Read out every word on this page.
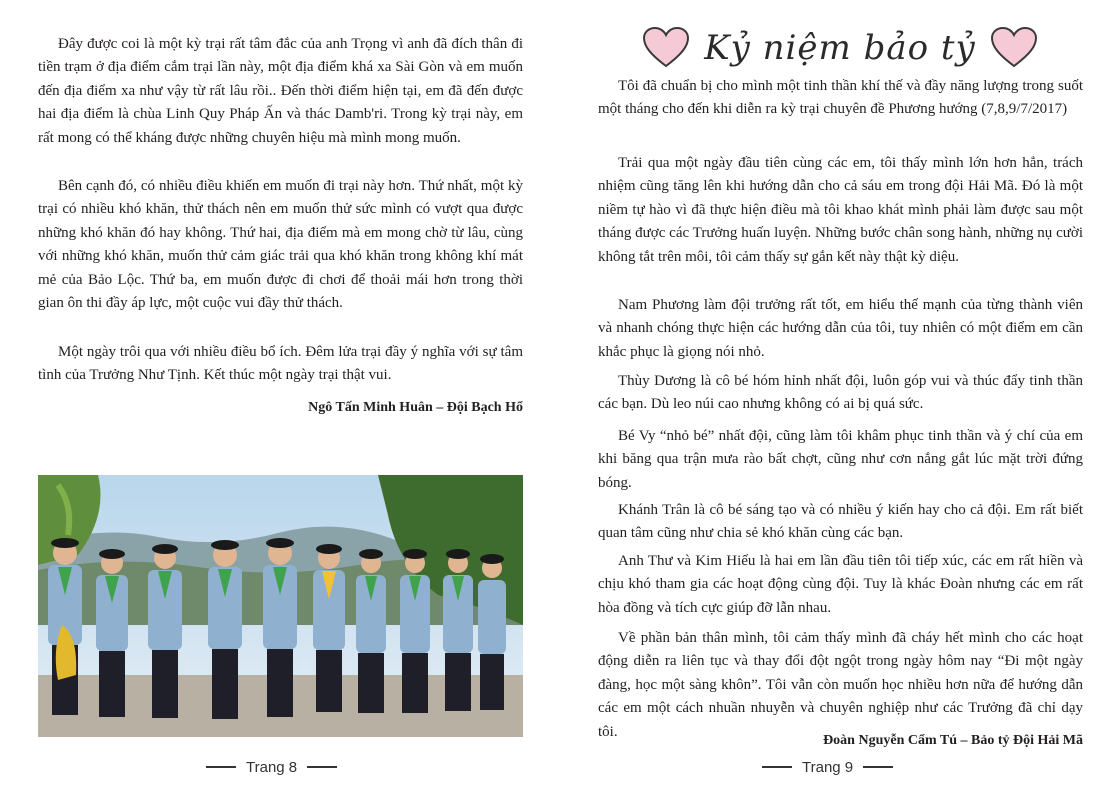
Đây được coi là một kỳ trại rất tâm đắc của anh Trọng vì anh đã đích thân đi tiền trạm ở địa điểm cắm trại lần này, một địa điểm khá xa Sài Gòn và em muốn đến địa điểm xa như vậy từ rất lâu rồi.. Đến thời điểm hiện tại, em đã đến được hai địa điểm là chùa Linh Quy Pháp Ấn và thác Damb'ri. Trong kỳ trại này, em rất mong có thể kháng được những chuyên hiệu mà mình mong muốn.

Bên cạnh đó, có nhiều điều khiến em muốn đi trại này hơn. Thứ nhất, một kỳ trại có nhiều khó khăn, thử thách nên em muốn thử sức mình có vượt qua được những khó khăn đó hay không. Thứ hai, địa điểm mà em mong chờ từ lâu, cùng với những khó khăn, muốn thử cảm giác trải qua khó khăn trong không khí mát mẻ của Bảo Lộc. Thứ ba, em muốn được đi chơi để thoải mái hơn trong thời gian ôn thi đầy áp lực, một cuộc vui đầy thử thách.

Một ngày trôi qua với nhiều điều bổ ích. Đêm lửa trại đầy ý nghĩa với sự tâm tình của Trưởng Như Tịnh. Kết thúc một ngày trại thật vui.

Ngô Tấn Minh Huân – Đội Bạch Hổ
Trang 8
Kỷ niệm bảo tỷ

Tôi đã chuẩn bị cho mình một tinh thần khí thế và đầy năng lượng trong suốt một tháng cho đến khi diễn ra kỳ trại chuyên đề Phương hướng (7,8,9/7/2017)

Trải qua một ngày đầu tiên cùng các em, tôi thấy mình lớn hơn hẳn, trách nhiệm cũng tăng lên khi hướng dẫn cho cả sáu em trong đội Hải Mã. Đó là một niềm tự hào vì đã thực hiện điều mà tôi khao khát mình phải làm được sau một tháng được các Trưởng huấn luyện. Những bước chân song hành, những nụ cười không tắt trên môi, tôi cảm thấy sự gắn kết này thật kỳ diệu.

Nam Phương làm đội trưởng rất tốt, em hiểu thế mạnh của từng thành viên và nhanh chóng thực hiện các hướng dẫn của tôi, tuy nhiên có một điểm em cần khắc phục là giọng nói nhỏ.

Thùy Dương là cô bé hóm hỉnh nhất đội, luôn góp vui và thúc đẩy tinh thần các bạn. Dù leo núi cao nhưng không có ai bị quá sức.

Bé Vy “nhỏ bé” nhất đội, cũng làm tôi khâm phục tinh thần và ý chí của em khi băng qua trận mưa rào bất chợt, cũng như cơn nắng gắt lúc mặt trời đứng bóng.

Khánh Trân là cô bé sáng tạo và có nhiều ý kiến hay cho cả đội. Em rất biết quan tâm cũng như chia sẻ khó khăn cùng các bạn.

Anh Thư và Kim Hiếu là hai em lần đầu tiên tôi tiếp xúc, các em rất hiền và chịu khó tham gia các hoạt động cùng đội. Tuy là khác Đoàn nhưng các em rất hòa đồng và tích cực giúp đỡ lẫn nhau.

Về phần bản thân mình, tôi cảm thấy mình đã cháy hết mình cho các hoạt động diễn ra liên tục và thay đổi đột ngột trong ngày hôm nay “Đi một ngày đàng, học một sàng khôn”. Tôi vẫn còn muốn học nhiều hơn nữa để hướng dẫn các em một cách nhuần nhuyễn và chuyên nghiệp như các Trưởng đã chỉ dạy tôi.

Đoàn Nguyễn Cẩm Tú – Bảo tỷ Đội Hải Mã
Trang 9
